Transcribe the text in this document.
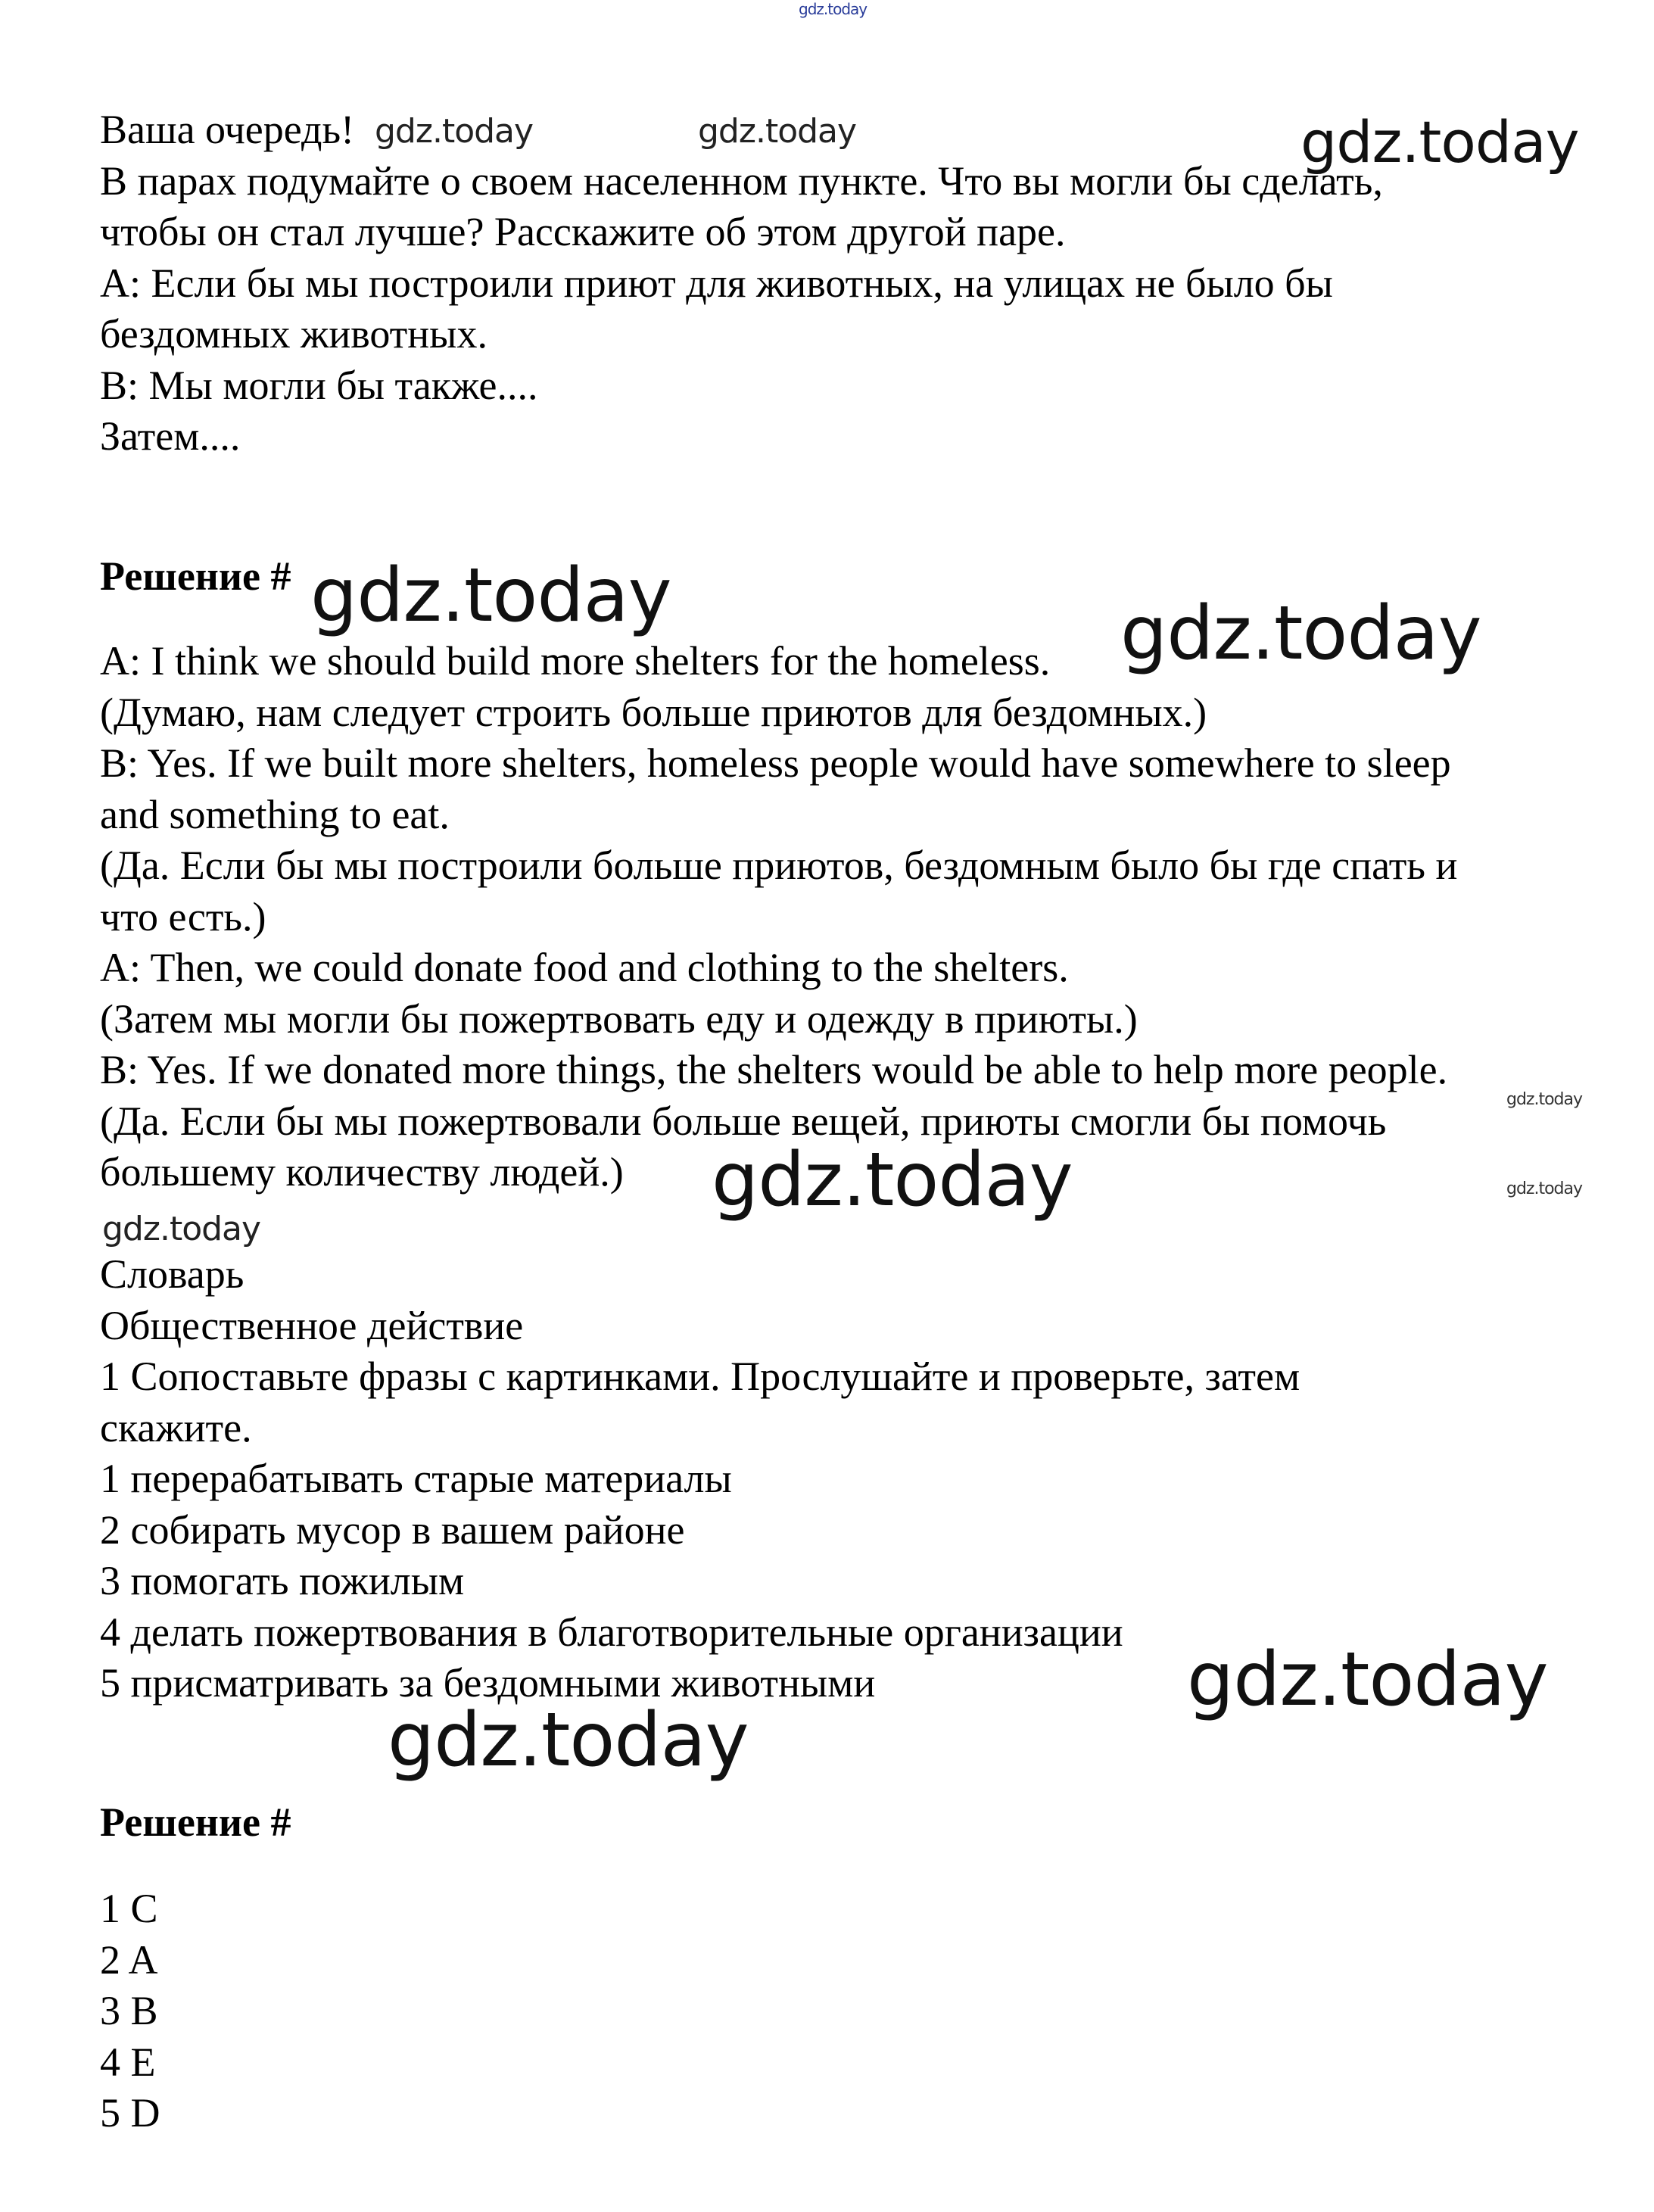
Ваша очередь!
В парах подумайте о своем населенном пункте. Что вы могли бы сделать,
чтобы он стал лучше? Расскажите об этом другой паре.
A: Если бы мы построили приют для животных, на улицах не было бы
бездомных животных.
B: Мы могли бы также....
Затем....
Решение #
A: I think we should build more shelters for the homeless.
(Думаю, нам следует строить больше приютов для бездомных.)
B: Yes. If we built more shelters, homeless people would have somewhere to sleep
and something to eat.
(Да. Если бы мы построили больше приютов, бездомным было бы где спать и
что есть.)
A: Then, we could donate food and clothing to the shelters.
(Затем мы могли бы пожертвовать еду и одежду в приюты.)
B: Yes. If we donated more things, the shelters would be able to help more people.
(Да. Если бы мы пожертвовали больше вещей, приюты смогли бы помочь
большему количеству людей.)
Словарь
Общественное действие
1 Сопоставьте фразы с картинками. Прослушайте и проверьте, затем
скажите.
1 перерабатывать старые материалы
2 собирать мусор в вашем районе
3 помогать пожилым
4 делать пожертвования в благотворительные организации
5 присматривать за бездомными животными
Решение #
1 C
2 A
3 B
4 E
5 D
gdz.today
gdz.today	gdz.today	gdz.today
gdz.today	gdz.today
gdz.today
gdz.today	gdz.today
gdz.today
gdz.today
gdz.today
